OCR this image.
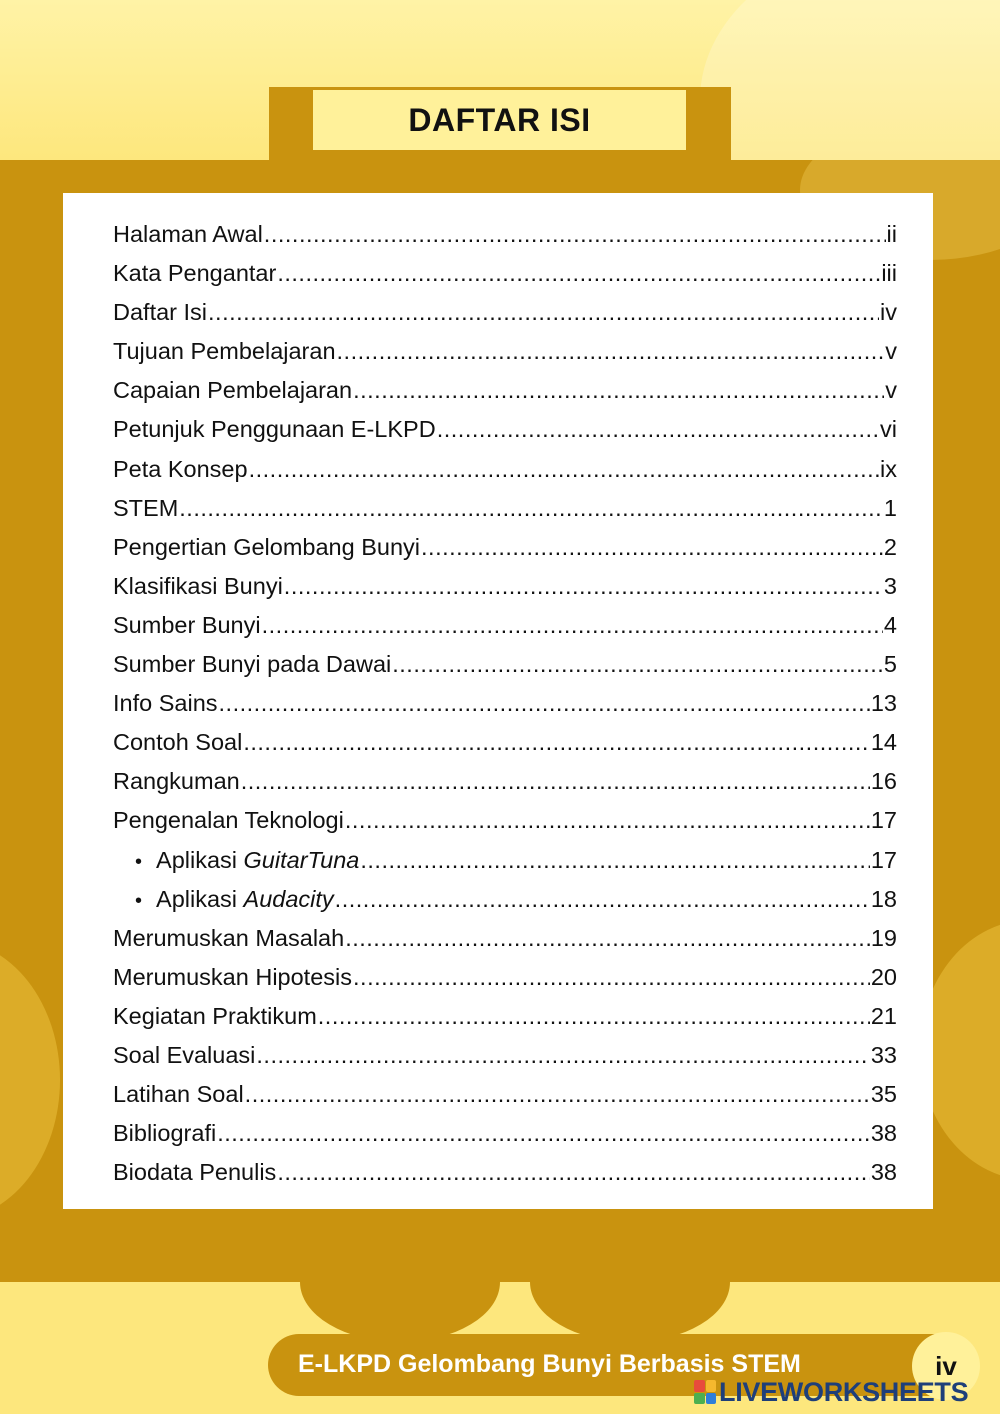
DAFTAR ISI
Halaman Awal .....	ii
Kata Pengantar .....	iii
Daftar Isi .....	iv
Tujuan Pembelajaran .....	v
Capaian Pembelajaran .....	v
Petunjuk Penggunaan E-LKPD .....	vi
Peta Konsep .....	ix
STEM .....	1
Pengertian Gelombang Bunyi .....	2
Klasifikasi Bunyi .....	3
Sumber Bunyi .....	4
Sumber Bunyi pada Dawai .....	5
Info Sains .....	13
Contoh Soal .....	14
Rangkuman .....	16
Pengenalan Teknologi .....	17
• Aplikasi GuitarTuna .....	17
• Aplikasi Audacity .....	18
Merumuskan Masalah .....	19
Merumuskan Hipotesis .....	20
Kegiatan Praktikum .....	21
Soal Evaluasi .....	33
Latihan Soal .....	35
Bibliografi .....	38
Biodata Penulis .....	38
E-LKPD Gelombang Bunyi Berbasis STEM	iv
LIVEWORKSHEETS
